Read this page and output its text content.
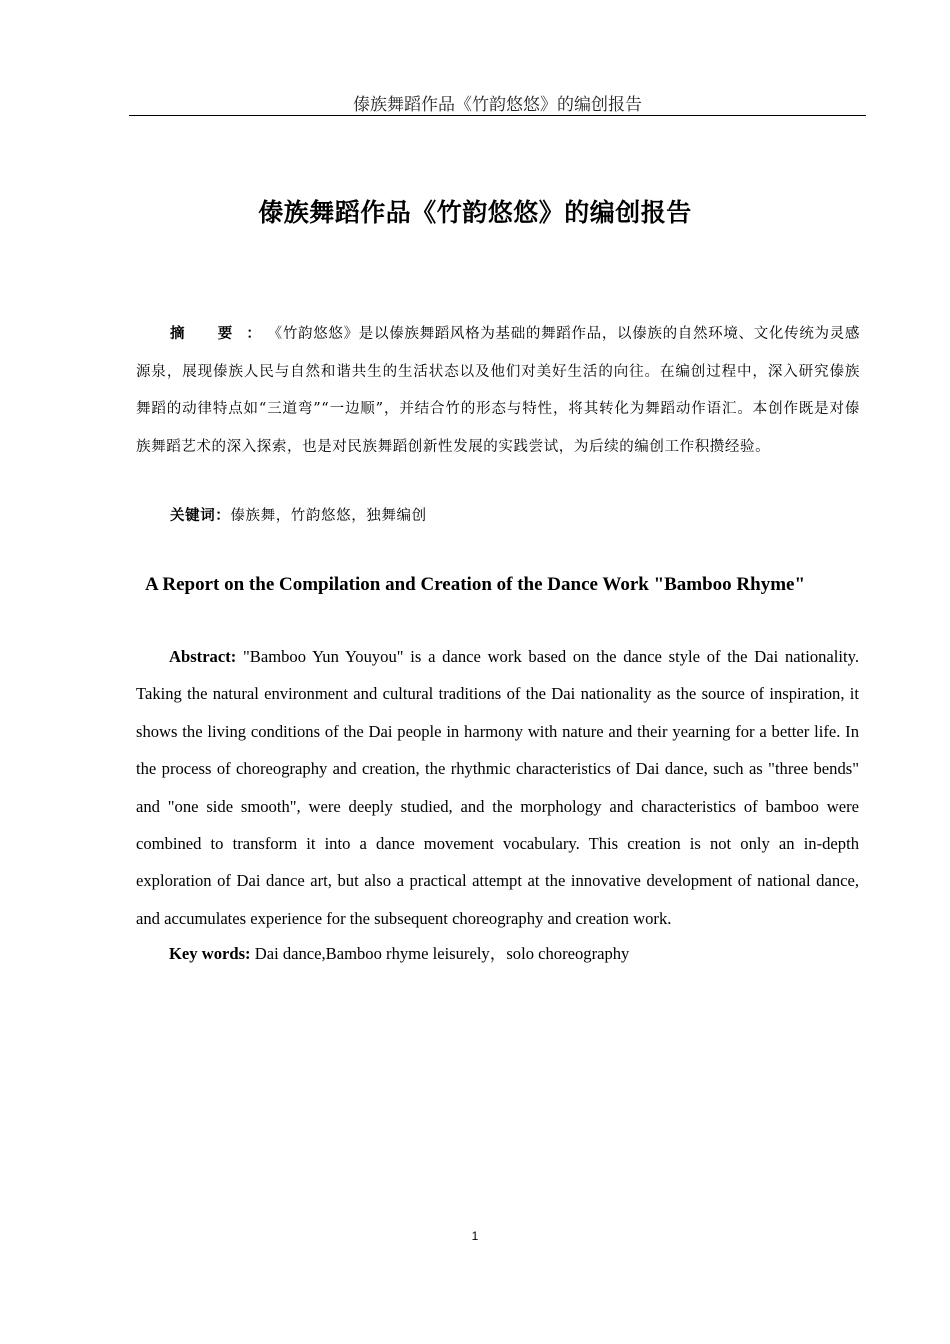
傣族舞蹈作品《竹韵悠悠》的编创报告
傣族舞蹈作品《竹韵悠悠》的编创报告

摘 要：《竹韵悠悠》是以傣族舞蹈风格为基础的舞蹈作品，以傣族的自然环境、文化传统为灵感源泉，展现傣族人民与自然和谐共生的生活状态以及他们对美好生活的向往。在编创过程中，深入研究傣族舞蹈的动律特点如“三道弯”“一边顺”，并结合竹的形态与特性，将其转化为舞蹈动作语汇。本创作既是对傣族舞蹈艺术的深入探索，也是对民族舞蹈创新性发展的实践尝试，为后续的编创工作积攒经验。

关键词：傣族舞，竹韵悠悠，独舞编创

A Report on the Compilation and Creation of the Dance Work "Bamboo Rhyme"

Abstract: "Bamboo Yun Youyou" is a dance work based on the dance style of the Dai nationality. Taking the natural environment and cultural traditions of the Dai nationality as the source of inspiration, it shows the living conditions of the Dai people in harmony with nature and their yearning for a better life. In the process of choreography and creation, the rhythmic characteristics of Dai dance, such as "three bends" and "one side smooth", were deeply studied, and the morphology and characteristics of bamboo were combined to transform it into a dance movement vocabulary. This creation is not only an in-depth exploration of Dai dance art, but also a practical attempt at the innovative development of national dance, and accumulates experience for the subsequent choreography and creation work.

Key words: Dai dance,Bamboo rhyme leisurely，solo choreography

1
